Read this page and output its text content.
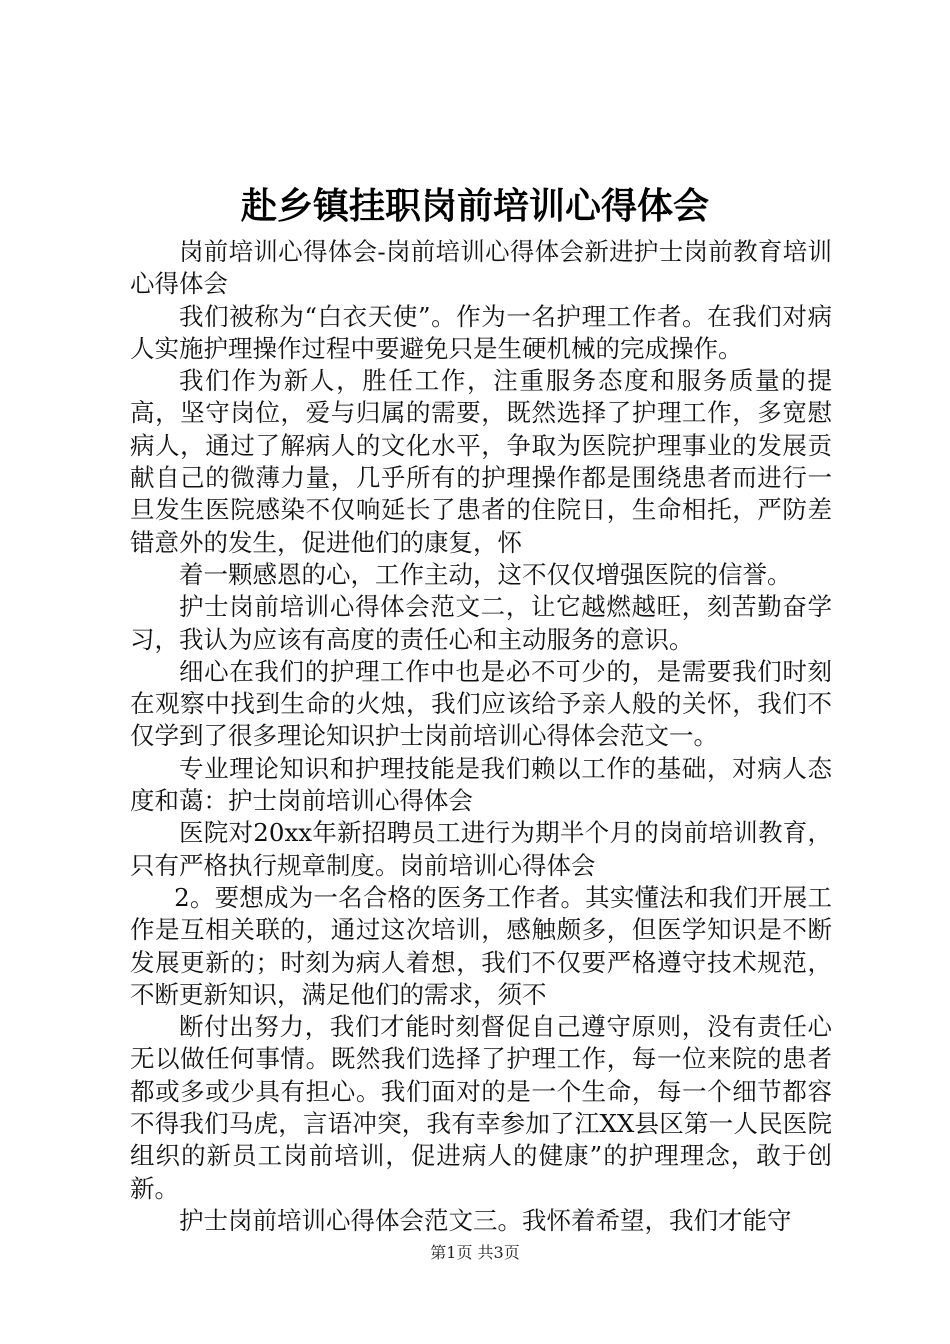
赴乡镇挂职岗前培训心得体会

岗前培训心得体会-岗前培训心得体会新进护士岗前教育培训心得体会

我们被称为“白衣天使”。作为一名护理工作者。在我们对病人实施护理操作过程中要避免只是生硬机械的完成操作。

我们作为新人，胜任工作，注重服务态度和服务质量的提高，坚守岗位，爱与归属的需要，既然选择了护理工作，多宽慰病人，通过了解病人的文化水平，争取为医院护理事业的发展贡献自己的微薄力量，几乎所有的护理操作都是围绕患者而进行一旦发生医院感染不仅响延长了患者的住院日，生命相托，严防差错意外的发生，促进他们的康复，怀

着一颗感恩的心，工作主动，这不仅仅增强医院的信誉。

护士岗前培训心得体会范文二，让它越燃越旺，刻苦勤奋学习，我认为应该有高度的责任心和主动服务的意识。

细心在我们的护理工作中也是必不可少的，是需要我们时刻在观察中找到生命的火烛，我们应该给予亲人般的关怀，我们不仅学到了很多理论知识护士岗前培训心得体会范文一。

专业理论知识和护理技能是我们赖以工作的基础，对病人态度和蔼：护士岗前培训心得体会

医院对20xx年新招聘员工进行为期半个月的岗前培训教育，只有严格执行规章制度。岗前培训心得体会

2。要想成为一名合格的医务工作者。其实懂法和我们开展工作是互相关联的，通过这次培训，感触颇多，但医学知识是不断发展更新的；时刻为病人着想，我们不仅要严格遵守技术规范，不断更新知识，满足他们的需求，须不

断付出努力，我们才能时刻督促自己遵守原则，没有责任心无以做任何事情。既然我们选择了护理工作，每一位来院的患者都或多或少具有担心。我们面对的是一个生命，每一个细节都容不得我们马虎，言语冲突，我有幸参加了江XX县区第一人民医院组织的新员工岗前培训，促进病人的健康”的护理理念，敢于创新。

护士岗前培训心得体会范文三。我怀着希望，我们才能守

第1页 共3页
